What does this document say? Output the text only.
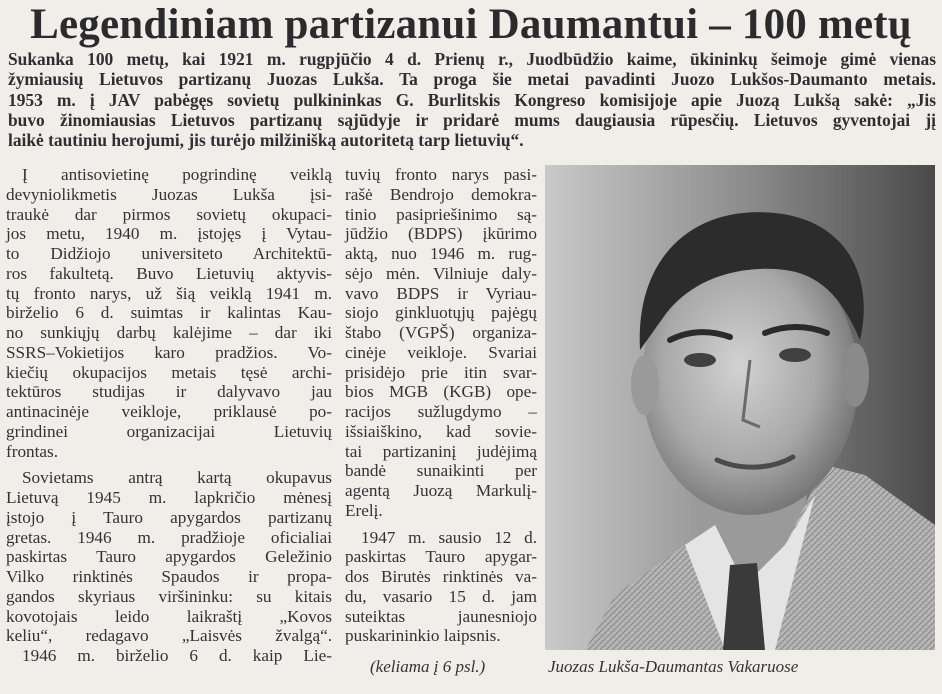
Legendiniam partizanui Daumantui – 100 metų
Sukanka 100 metų, kai 1921 m. rugpjūčio 4 d. Prienų r., Juodbūdžio kaime, ūkininkų šeimoje gimė vienas
žymiausių Lietuvos partizanų Juozas Lukša. Ta proga šie metai pavadinti Juozo Lukšos-Daumanto metais.
1953 m. į JAV pabėgęs sovietų pulkininkas G. Burlitskis Kongreso komisijoje apie Juozą Lukšą sakė: „Jis
buvo žinomiausias Lietuvos partizanų sąjūdyje ir pridarė mums daugiausia rūpesčių. Lietuvos gyventojai jį
laikė tautiniu herojumi, jis turėjo milžinišką autoritetą tarp lietuvių“.
Į antisovietinę pogrindinę veiklą
devyniolikmetis Juozas Lukša įsi-
traukė dar pirmos sovietų okupaci-
jos metu, 1940 m. įstojęs į Vytau-
to Didžiojo universiteto Architektū-
ros fakultetą. Buvo Lietuvių aktyvis-
tų fronto narys, už šią veiklą 1941 m.
birželio 6 d. suimtas ir kalintas Kau-
no sunkiųjų darbų kalėjime – dar iki
SSRS–Vokietijos karo pradžios. Vo-
kiečių okupacijos metais tęsė archi-
tektūros studijas ir dalyvavo jau
antinacinėje veikloje, priklausė po-
grindinei organizacijai Lietuvių
frontas.
Sovietams antrą kartą okupavus
Lietuvą 1945 m. lapkričio mėnesį
įstojo į Tauro apygardos partizanų
gretas. 1946 m. pradžioje oficialiai
paskirtas Tauro apygardos Geležinio
Vilko rinktinės Spaudos ir propa-
gandos skyriaus viršininku: su kitais
kovotojais leido laikraštį „Kovos
keliu“, redagavo „Laisvės žvalgą“.
1946 m. birželio 6 d. kaip Lie-
tuvių fronto narys pasi-
rašė Bendrojo demokra-
tinio pasipriešinimo są-
jūdžio (BDPS) įkūrimo
aktą, nuo 1946 m. rug-
sėjo mėn. Vilniuje daly-
vavo BDPS ir Vyriau-
siojo ginkluotųjų pajėgų
štabo (VGPŠ) organiza-
cinėje veikloje. Svariai
prisidėjo prie itin svar-
bios MGB (KGB) ope-
racijos sužlugdymo –
išsiaiškino, kad sovie-
tai partizaninį judėjimą
bandė sunaikinti per
agentą Juozą Markulį-
Erelį.
1947 m. sausio 12 d.
paskirtas Tauro apygar-
dos Birutės rinktinės va-
du, vasario 15 d. jam
suteiktas jaunesniojo
puskarininkio laipsnis.
(keliama į 6 psl.)	Juozas Lukša-Daumantas Vakaruose
